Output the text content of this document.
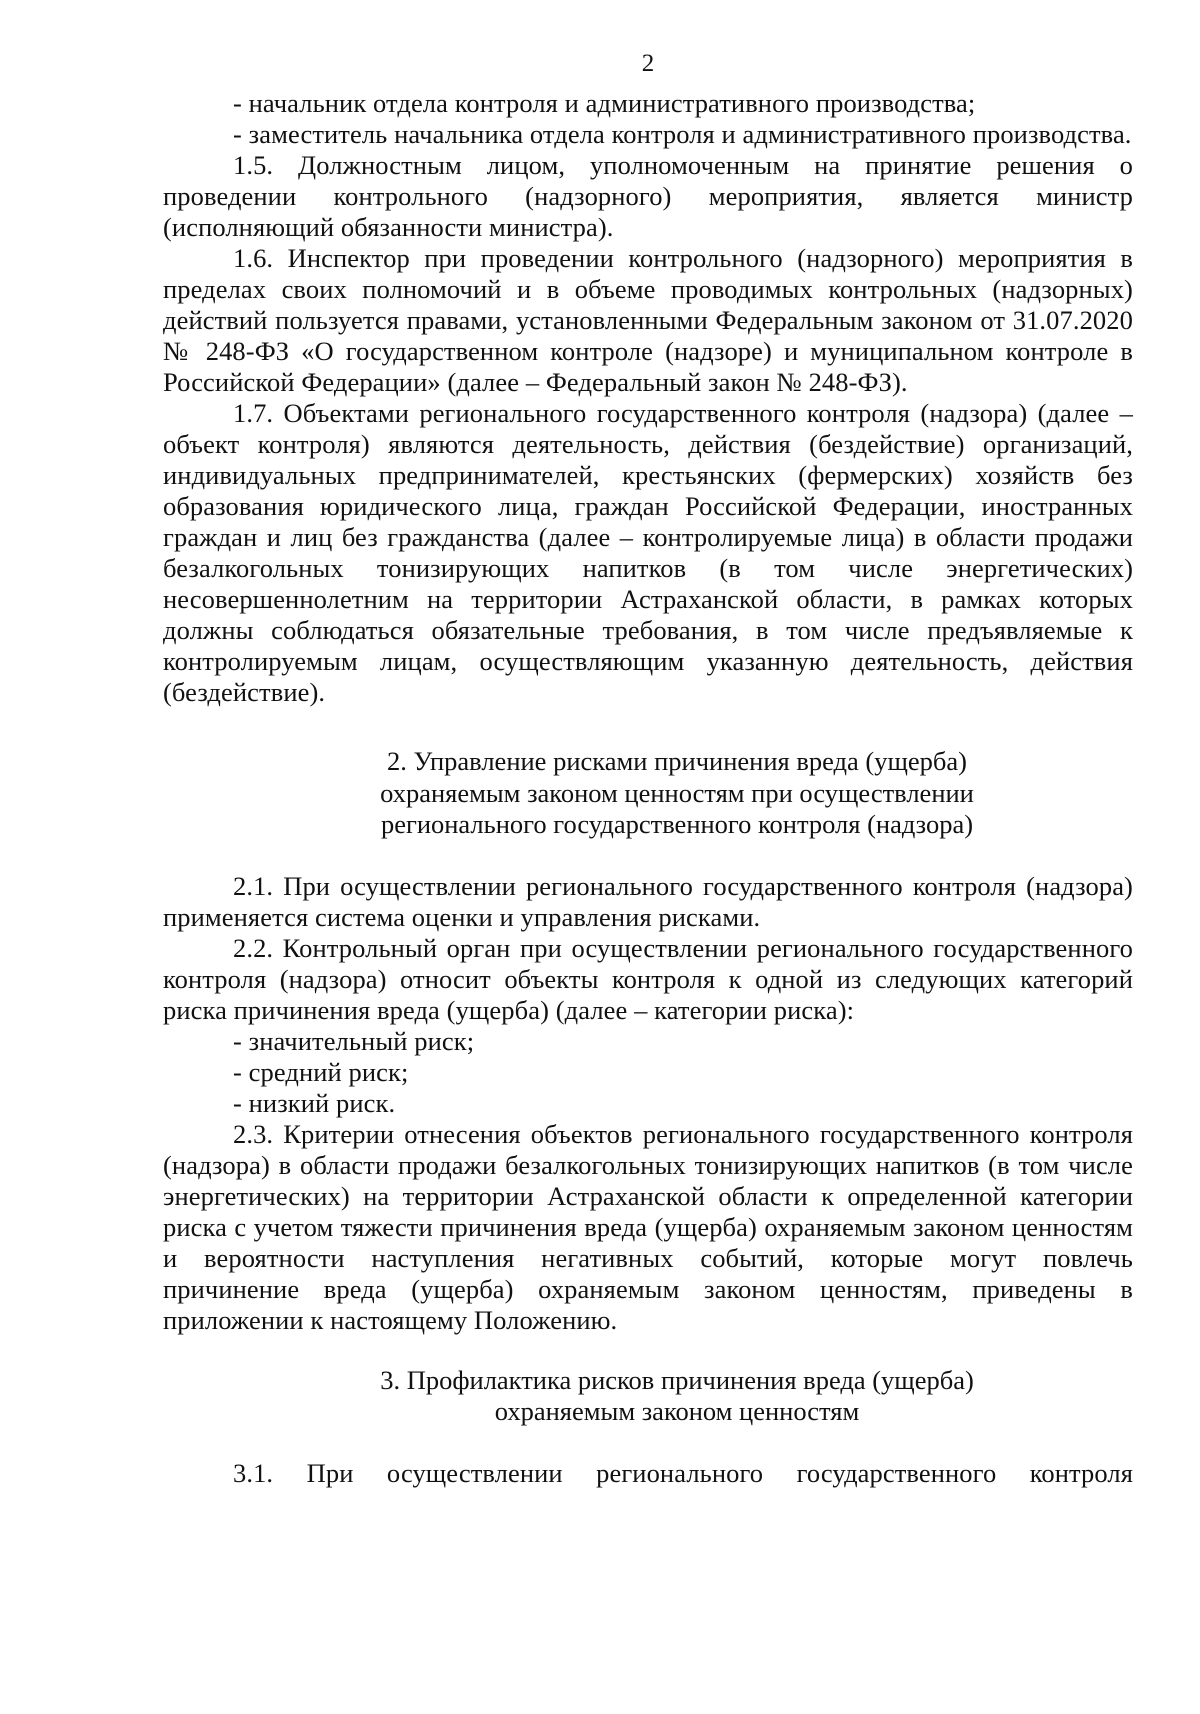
2

- начальник отдела контроля и административного производства;

- заместитель начальника отдела контроля и административного производства.

1.5. Должностным лицом, уполномоченным на принятие решения о проведении контрольного (надзорного) мероприятия, является министр (исполняющий обязанности министра).

1.6. Инспектор при проведении контрольного (надзорного) мероприятия в пределах своих полномочий и в объеме проводимых контрольных (надзорных) действий пользуется правами, установленными Федеральным законом от 31.07.2020 № 248-ФЗ «О государственном контроле (надзоре) и муниципальном контроле в Российской Федерации» (далее – Федеральный закон № 248-ФЗ).

1.7. Объектами регионального государственного контроля (надзора) (далее – объект контроля) являются деятельность, действия (бездействие) организаций, индивидуальных предпринимателей, крестьянских (фермерских) хозяйств без образования юридического лица, граждан Российской Федерации, иностранных граждан и лиц без гражданства (далее – контролируемые лица) в области продажи безалкогольных тонизирующих напитков (в том числе энергетических) несовершеннолетним на территории Астраханской области, в рамках которых должны соблюдаться обязательные требования, в том числе предъявляемые к контролируемым лицам, осуществляющим указанную деятельность, действия (бездействие).

2. Управление рисками причинения вреда (ущерба)
охраняемым законом ценностям при осуществлении
регионального государственного контроля (надзора)

2.1. При осуществлении регионального государственного контроля (надзора) применяется система оценки и управления рисками.

2.2. Контрольный орган при осуществлении регионального государственного контроля (надзора) относит объекты контроля к одной из следующих категорий риска причинения вреда (ущерба) (далее – категории риска):

- значительный риск;

- средний риск;

- низкий риск.

2.3. Критерии отнесения объектов регионального государственного контроля (надзора) в области продажи безалкогольных тонизирующих напитков (в том числе энергетических) на территории Астраханской области к определенной категории риска с учетом тяжести причинения вреда (ущерба) охраняемым законом ценностям и вероятности наступления негативных событий, которые могут повлечь причинение вреда (ущерба) охраняемым законом ценностям, приведены в приложении к настоящему Положению.

3. Профилактика рисков причинения вреда (ущерба)
охраняемым законом ценностям

3.1. При осуществлении регионального государственного контроля
